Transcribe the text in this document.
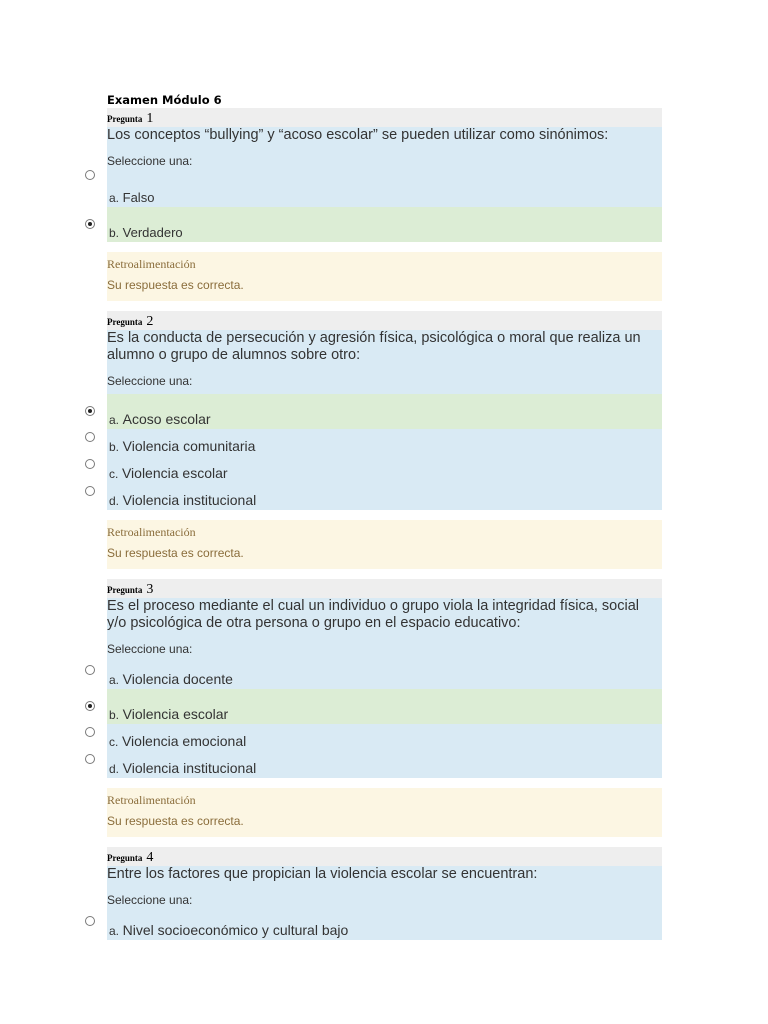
Examen Módulo 6
Pregunta 1
Los conceptos “bullying” y “acoso escolar” se pueden utilizar como sinónimos:
Seleccione una:
a. Falso
b. Verdadero
Retroalimentación
Su respuesta es correcta.
Pregunta 2
Es la conducta de persecución y agresión física, psicológica o moral que realiza un alumno o grupo de alumnos sobre otro:
Seleccione una:
a. Acoso escolar
b. Violencia comunitaria
c. Violencia escolar
d. Violencia institucional
Retroalimentación
Su respuesta es correcta.
Pregunta 3
Es el proceso mediante el cual un individuo o grupo viola la integridad física, social y/o psicológica de otra persona o grupo en el espacio educativo:
Seleccione una:
a. Violencia docente
b. Violencia escolar
c. Violencia emocional
d. Violencia institucional
Retroalimentación
Su respuesta es correcta.
Pregunta 4
Entre los factores que propician la violencia escolar se encuentran:
Seleccione una:
a. Nivel socioeconómico y cultural bajo
